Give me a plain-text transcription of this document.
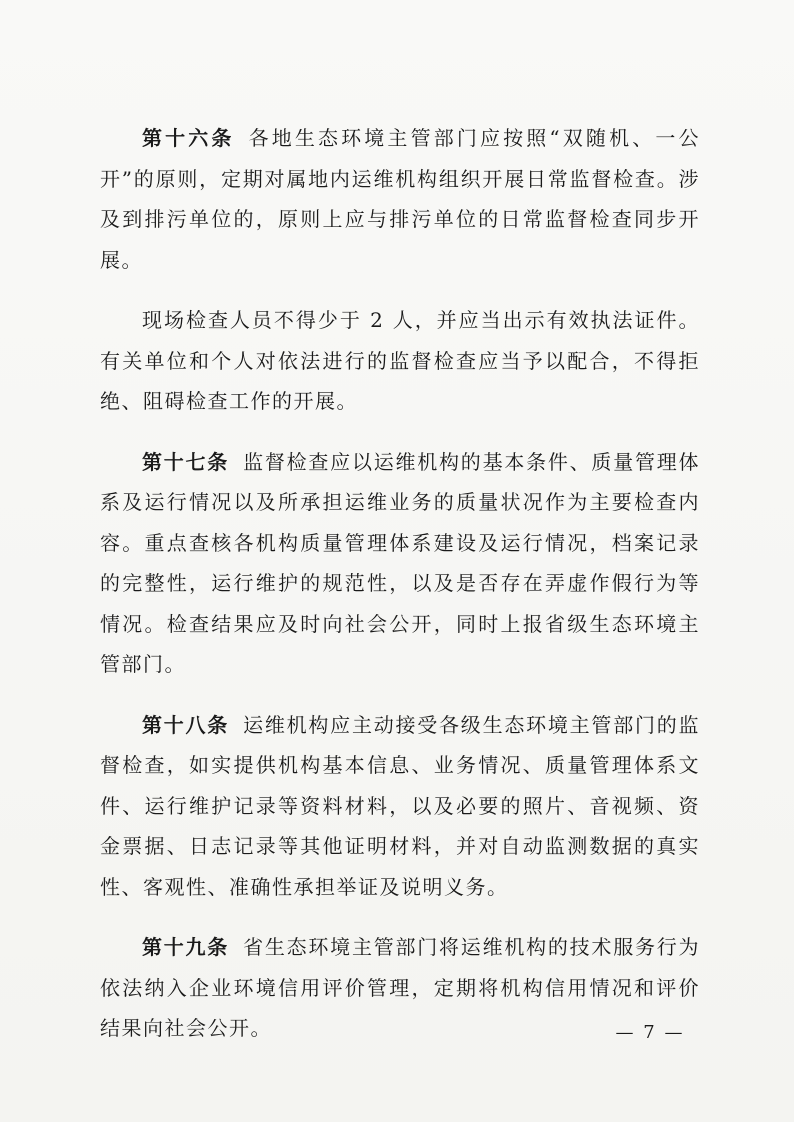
第十六条 各地生态环境主管部门应按照“双随机、一公开”的原则，定期对属地内运维机构组织开展日常监督检查。涉及到排污单位的，原则上应与排污单位的日常监督检查同步开展。

现场检查人员不得少于 2 人，并应当出示有效执法证件。有关单位和个人对依法进行的监督检查应当予以配合，不得拒绝、阻碍检查工作的开展。

第十七条 监督检查应以运维机构的基本条件、质量管理体系及运行情况以及所承担运维业务的质量状况作为主要检查内容。重点查核各机构质量管理体系建设及运行情况，档案记录的完整性，运行维护的规范性，以及是否存在弄虚作假行为等情况。检查结果应及时向社会公开，同时上报省级生态环境主管部门。

第十八条 运维机构应主动接受各级生态环境主管部门的监督检查，如实提供机构基本信息、业务情况、质量管理体系文件、运行维护记录等资料材料，以及必要的照片、音视频、资金票据、日志记录等其他证明材料，并对自动监测数据的真实性、客观性、准确性承担举证及说明义务。

第十九条 省生态环境主管部门将运维机构的技术服务行为依法纳入企业环境信用评价管理，定期将机构信用情况和评价结果向社会公开。	— 7 —
